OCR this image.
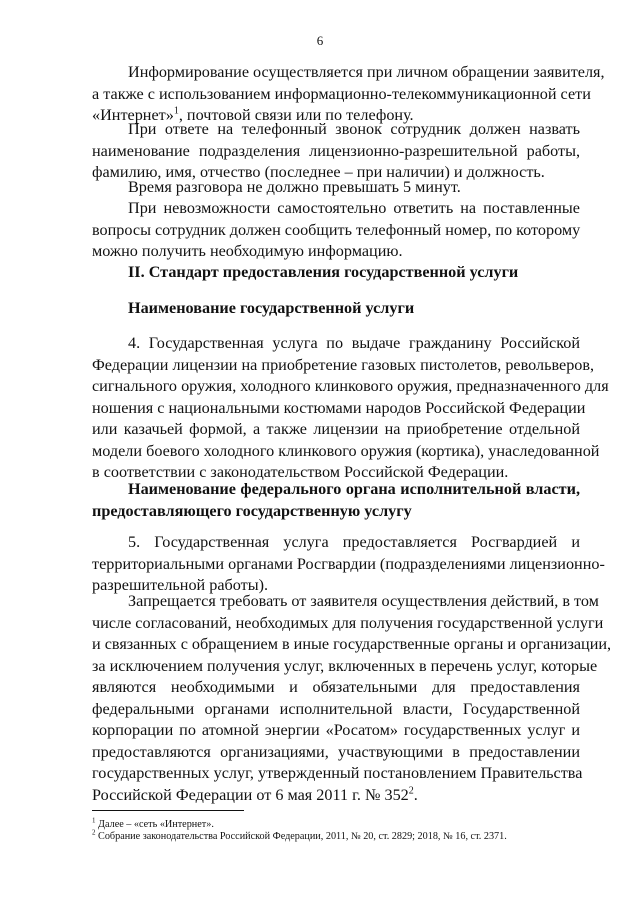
6
Информирование осуществляется при личном обращении заявителя,
а также с использованием информационно-телекоммуникационной сети
«Интернет»$^1$, почтовой связи или по телефону.
При ответе на телефонный звонок сотрудник должен назвать
наименование подразделения лицензионно-разрешительной работы,
фамилию, имя, отчество (последнее – при наличии) и должность.

Время разговора не должно превышать 5 минут.

При невозможности самостоятельно ответить на поставленные
вопросы сотрудник должен сообщить телефонный номер, по которому
можно получить необходимую информацию.

II. Стандарт предоставления государственной услуги

Наименование государственной услуги

4. Государственная услуга по выдаче гражданину Российской
Федерации лицензии на приобретение газовых пистолетов, револьверов,
сигнального оружия, холодного клинкового оружия, предназначенного для
ношения с национальными костюмами народов Российской Федерации
или казачьей формой, а также лицензии на приобретение отдельной
модели боевого холодного клинкового оружия (кортика), унаследованной
в соответствии с законодательством Российской Федерации.
Наименование федерального органа исполнительной власти,
предоставляющего государственную услугу
5. Государственная услуга предоставляется Росгвардией и
территориальными органами Росгвардии (подразделениями лицензионно-
разрешительной работы).
Запрещается требовать от заявителя осуществления действий, в том
числе согласований, необходимых для получения государственной услуги
и связанных с обращением в иные государственные органы и организации,
за исключением получения услуг, включенных в перечень услуг, которые
являются необходимыми и обязательными для предоставления
федеральными органами исполнительной власти, Государственной
корпорации по атомной энергии «Росатом» государственных услуг и
предоставляются организациями, участвующими в предоставлении
государственных услуг, утвержденный постановлением Правительства
Российской Федерации от 6 мая 2011 г. № $352^2$.
$^1$ Далее – «сеть «Интернет».
$^2$ Собрание законодательства Российской Федерации, 2011, № 20, ст. 2829; 2018, № 16, ст. 2371.
